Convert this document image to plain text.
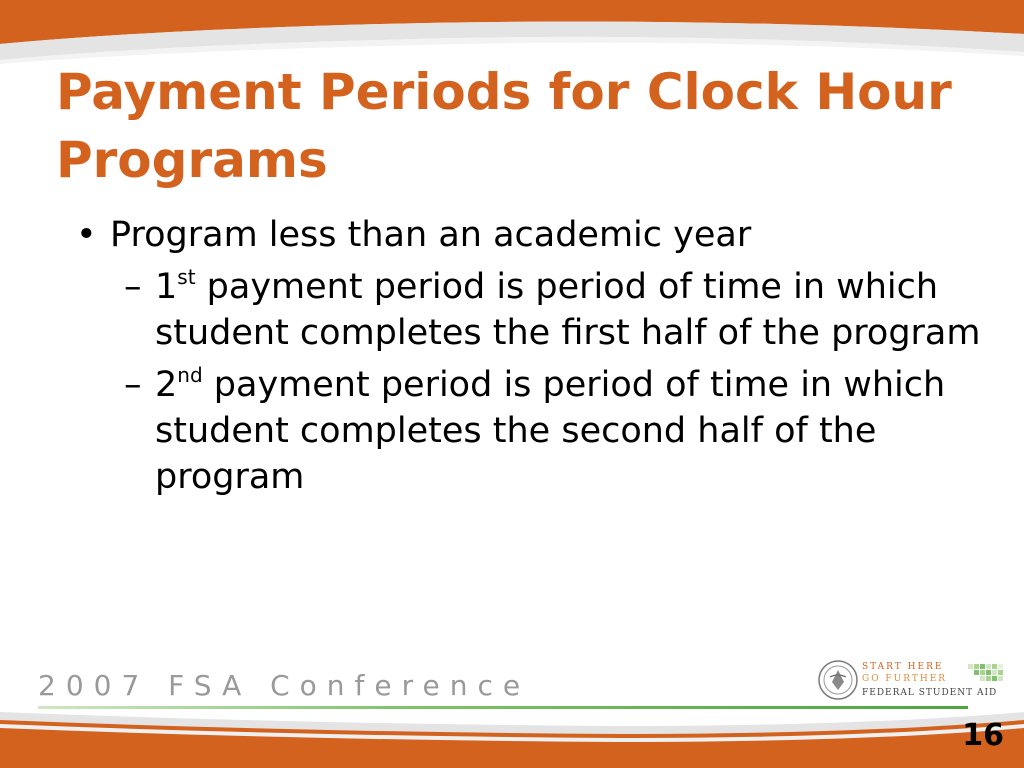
Payment Periods for Clock Hour Programs
• Program less than an academic year
– 1st payment period is period of time in which student completes the first half of the program
– 2nd payment period is period of time in which student completes the second half of the program

2007 FSA Conference

START HERE
GO FURTHER
FEDERAL STUDENT AID

16
